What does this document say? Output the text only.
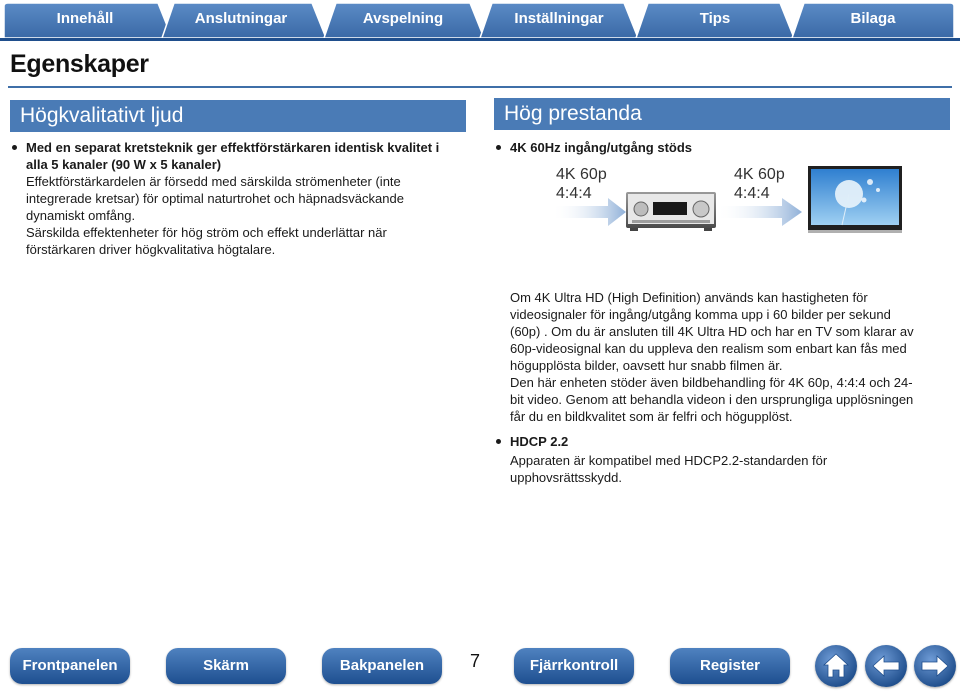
Innehåll	Anslutningar	Avspelning	Inställningar	Tips	Bilaga
Egenskaper
Högkvalitativt ljud
Med en separat kretsteknik ger effektförstärkaren identisk kvalitet i alla 5 kanaler (90 W x 5 kanaler)
Effektförstärkardelen är försedd med särskilda strömenheter (inte
integrerade kretsar) för optimal naturtrohet och häpnadsväckande
dynamiskt omfång.
Särskilda effektenheter för hög ström och effekt underlättar när
förstärkaren driver högkvalitativa högtalare.
Hög prestanda
4K 60Hz ingång/utgång stöds
4K 60p
4:4:4
4K 60p
4:4:4
Om 4K Ultra HD (High Definition) används kan hastigheten för
videosignaler för ingång/utgång komma upp i 60 bilder per sekund
(60p) . Om du är ansluten till 4K Ultra HD och har en TV som klarar av
60p-videosignal kan du uppleva den realism som enbart kan fås med
högupplösta bilder, oavsett hur snabb filmen är.
Den här enheten stöder även bildbehandling för 4K 60p, 4:4:4 och 24-
bit video. Genom att behandla videon i den ursprungliga upplösningen
får du en bildkvalitet som är felfri och högupplöst.
HDCP 2.2
Apparaten är kompatibel med HDCP2.2-standarden för
upphovsrättsskydd.
Frontpanelen	Skärm	Bakpanelen	7	Fjärrkontroll	Register
